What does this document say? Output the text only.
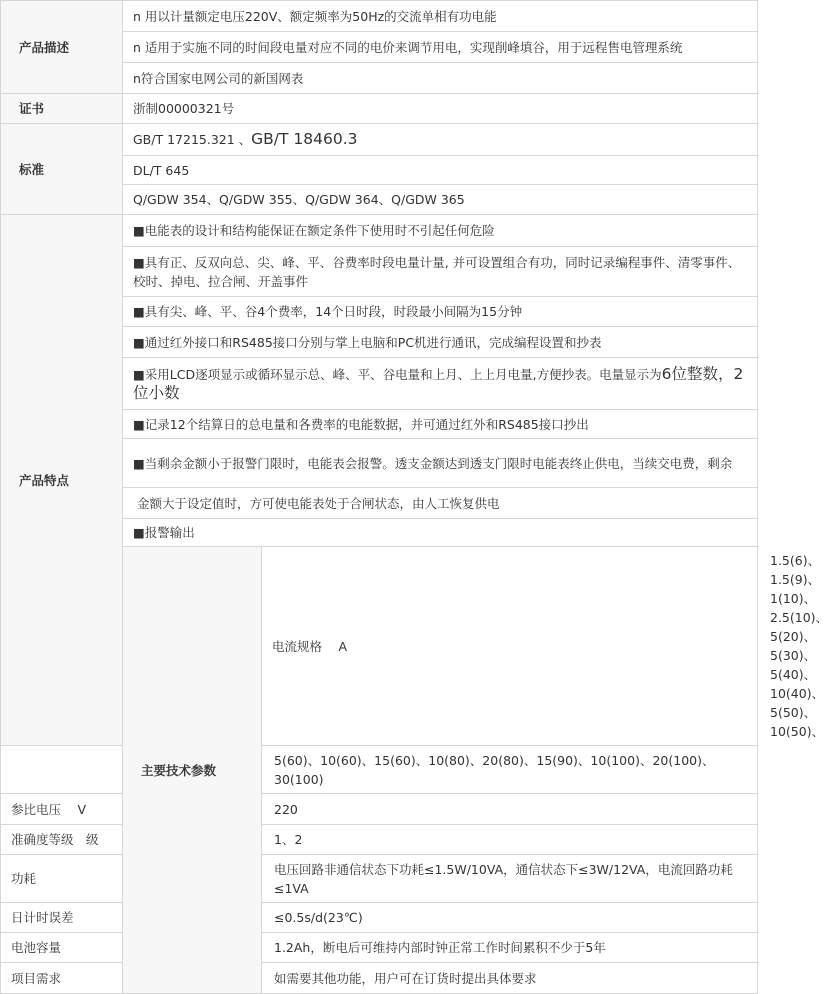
产品描述	n 用以计量额定电压220V、额定频率为50Hz的交流单相有功电能		
	n 适用于实施不同的时间段电量对应不同的电价来调节用电，实现削峰填谷，用于远程售电管理系统		
	n符合国家电网公司的新国网表		
证书	浙制00000321号		
标准	GB/T 17215.321 、GB/T 18460.3		
	DL/T 645		
	Q/GDW 354、Q/GDW 355、Q/GDW 364、Q/GDW 365		
产品特点	■电能表的设计和结构能保证在额定条件下使用时不引起任何危险		
	■具有正、反双向总、尖、峰、平、谷费率时段电量计量, 并可设置组合有功，同时记录编程事件、清零事件、校时、掉电、拉合闸、开盖事件		
	■具有尖、峰、平、谷4个费率，14个日时段，时段最小间隔为15分钟		
	■通过红外接口和RS485接口分别与掌上电脑和PC机进行通讯，完成编程设置和抄表		
	■采用LCD逐项显示或循环显示总、峰、平、谷电量和上月、上上月电量,方便抄表。电量显示为6位整数，2位小数		
	■记录12个结算日的总电量和各费率的电能数据，并可通过红外和RS485接口抄出		
	■当剩余金额小于报警门限时，电能表会报警。透支金额达到透支门限时电能表终止供电，当续交电费，剩余		
	金额大于设定值时，方可使电能表处于合闸状态，由人工恢复供电		
	■报警输出		
	主要技术参数	电流规格　 A	1.5(6)、1.5(9)、1(10)、2.5(10)、5(20)、5(30)、5(40)、10(40)、5(50)、10(50)、
		5(60)、10(60)、15(60)、10(80)、20(80)、15(90)、10(100)、20(100)、30(100)	
参比电压　 V		220	
准确度等级　级		1、2	
功耗		电压回路非通信状态下功耗≤1.5W/10VA，通信状态下≤3W/12VA，电流回路功耗≤1VA	
日计时误差		≤0.5s/d(23℃)	
电池容量		1.2Ah，断电后可维持内部时钟正常工作时间累积不少于5年	
项目需求		如需要其他功能，用户可在订货时提出具体要求	
